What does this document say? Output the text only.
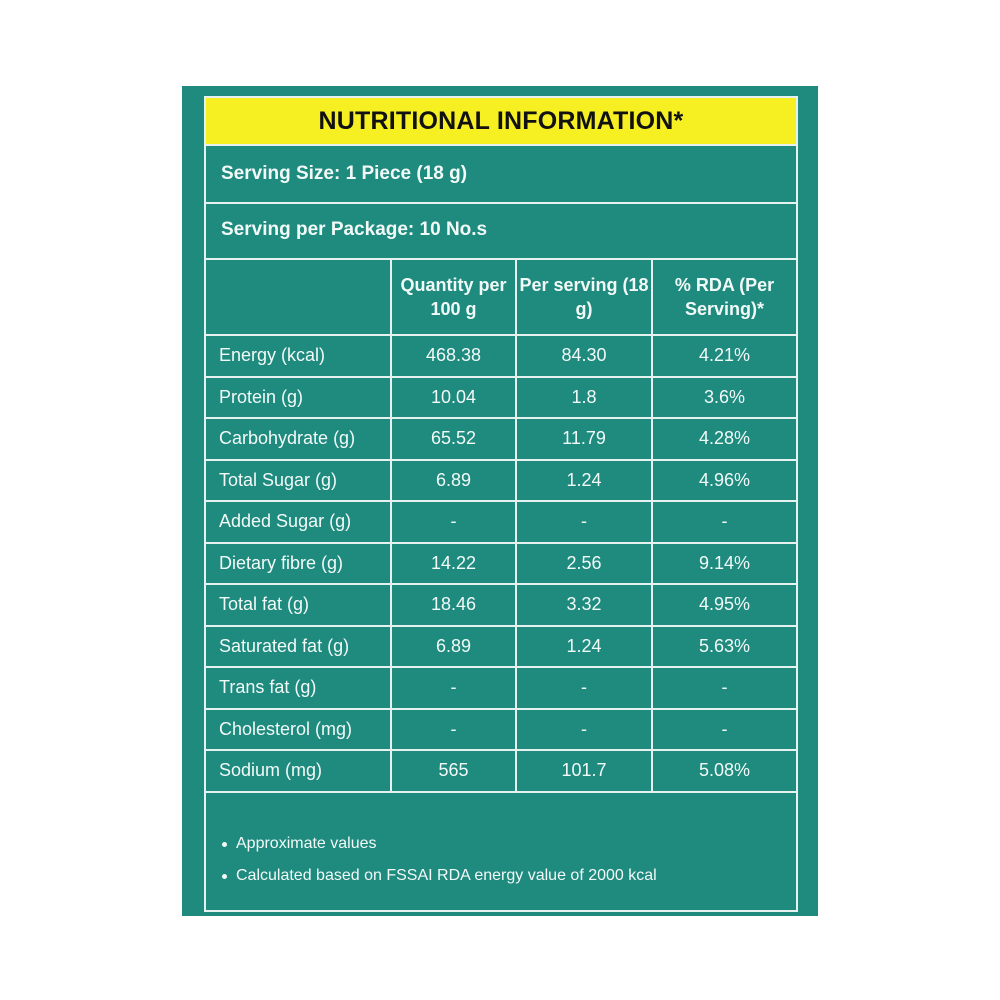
NUTRITIONAL INFORMATION*
Serving Size: 1 Piece (18 g)
Serving per Package: 10 No.s
	Quantity per 100 g	Per serving (18 g)	% RDA (Per Serving)*
Energy (kcal)	468.38	84.30	4.21%
Protein (g)	10.04	1.8	3.6%
Carbohydrate (g)	65.52	11.79	4.28%
Total Sugar (g)	6.89	1.24	4.96%
Added Sugar (g)	-	-	-
Dietary fibre (g)	14.22	2.56	9.14%
Total fat (g)	18.46	3.32	4.95%
Saturated fat (g)	6.89	1.24	5.63%
Trans fat (g)	-	-	-
Cholesterol (mg)	-	-	-
Sodium (mg)	565	101.7	5.08%
Approximate values
Calculated based on FSSAI RDA energy value of 2000 kcal
